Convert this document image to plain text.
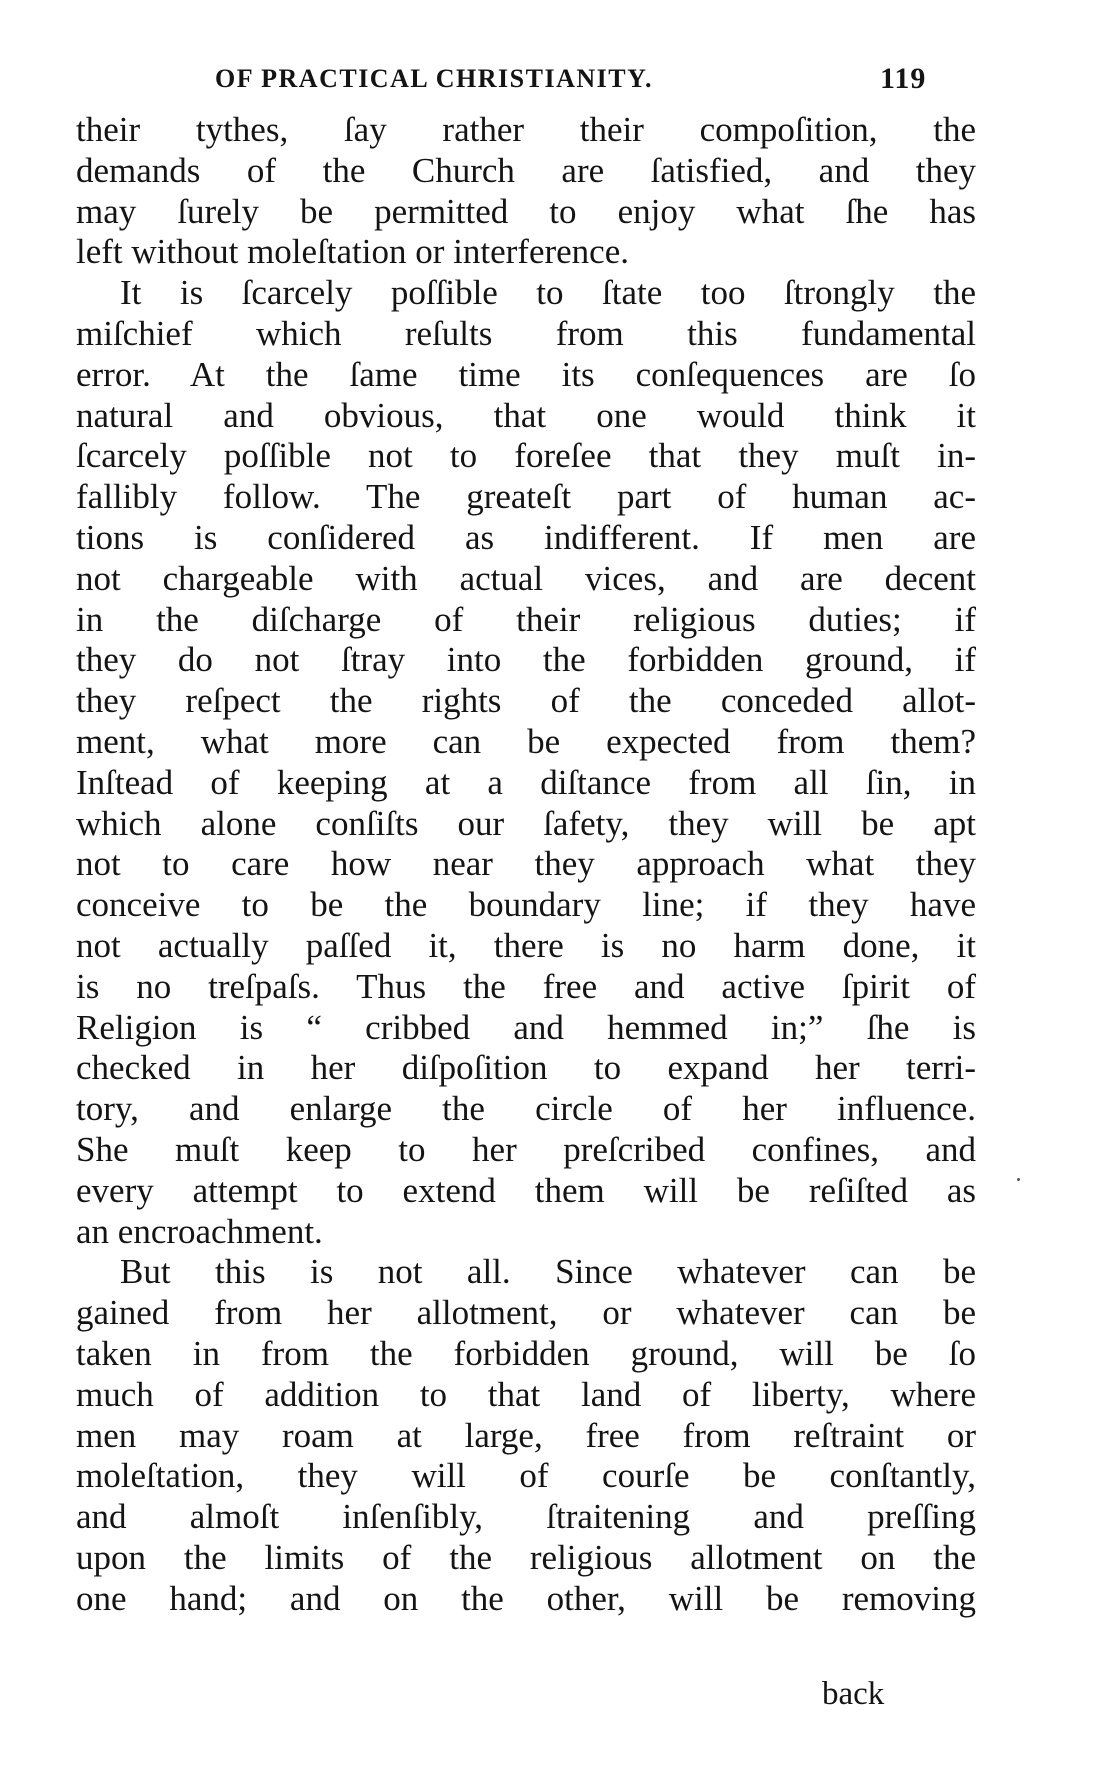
OF PRACTICAL CHRISTIANITY.	119
their tythes, ſay rather their compoſition, the
demands of the Church are ſatisfied, and they
may ſurely be permitted to enjoy what ſhe has
left without moleſtation or interference.
It is ſcarcely poſſible to ſtate too ſtrongly the
miſchief which reſults from this fundamental
error. At the ſame time its conſequences are ſo
natural and obvious, that one would think it
ſcarcely poſſible not to foreſee that they muſt in-
fallibly follow. The greateſt part of human ac-
tions is conſidered as indifferent. If men are
not chargeable with actual vices, and are decent
in the diſcharge of their religious duties; if
they do not ſtray into the forbidden ground, if
they reſpect the rights of the conceded allot-
ment, what more can be expected from them?
Inſtead of keeping at a diſtance from all ſin, in
which alone conſiſts our ſafety, they will be apt
not to care how near they approach what they
conceive to be the boundary line; if they have
not actually paſſed it, there is no harm done, it
is no treſpaſs. Thus the free and active ſpirit of
Religion is “ cribbed and hemmed in;” ſhe is
checked in her diſpoſition to expand her terri-
tory, and enlarge the circle of her influence.
She muſt keep to her preſcribed confines, and
every attempt to extend them will be reſiſted as
an encroachment.
But this is not all. Since whatever can be
gained from her allotment, or whatever can be
taken in from the forbidden ground, will be ſo
much of addition to that land of liberty, where
men may roam at large, free from reſtraint or
moleſtation, they will of courſe be conſtantly,
and almoſt inſenſibly, ſtraitening and preſſing
upon the limits of the religious allotment on the
one hand; and on the other, will be removing
back
